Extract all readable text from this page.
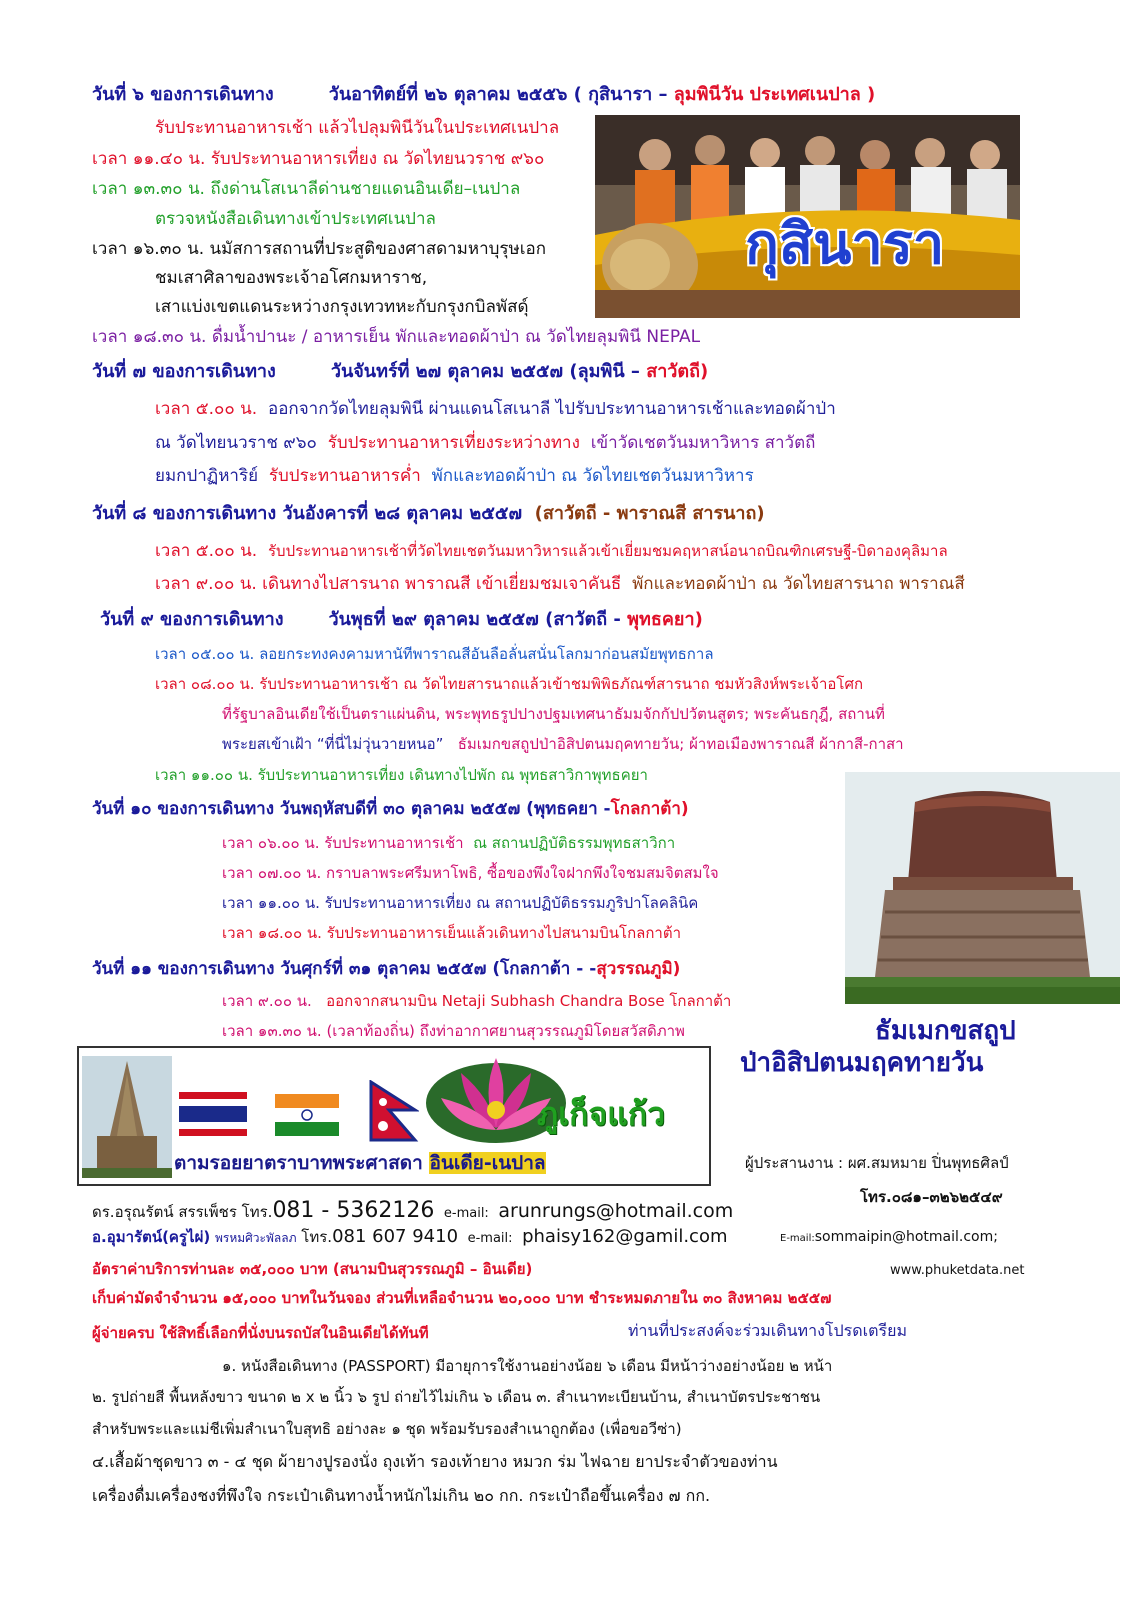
วันที่ ๖ ของการเดินทาง	วันอาทิตย์ที่ ๒๖ ตุลาคม ๒๕๕๖ ( กุสินารา – ลุมพินีวัน ประเทศเนปาล )
รับประทานอาหารเช้า แล้วไปลุมพินีวันในประเทศเนปาล
เวลา ๑๑.๔๐ น. รับประทานอาหารเที่ยง ณ วัดไทยนวราช ๙๖๐
เวลา ๑๓.๓๐ น. ถึงด่านโสเนาลีด่านชายแดนอินเดีย–เนปาล
ตรวจหนังสือเดินทางเข้าประเทศเนปาล
เวลา ๑๖.๓๐ น. นมัสการสถานที่ประสูติของศาสดามหาบุรุษเอก
ชมเสาศิลาของพระเจ้าอโศกมหาราช,
เสาแบ่งเขตแดนระหว่างกรุงเทวทหะกับกรุงกบิลพัสดุ์
เวลา ๑๘.๓๐ น. ดื่มน้ำปานะ / อาหารเย็น พักและทอดผ้าป่า ณ วัดไทยลุมพินี NEPAL
กุสินารา
วันที่ ๗ ของการเดินทาง	วันจันทร์ที่ ๒๗ ตุลาคม ๒๕๕๗ (ลุมพินี – สาวัตถี)
เวลา ๕.๐๐ น. ออกจากวัดไทยลุมพินี ผ่านแดนโสเนาลี ไปรับประทานอาหารเช้าและทอดผ้าป่า
ณ วัดไทยนวราช ๙๖๐ รับประทานอาหารเที่ยงระหว่างทาง เข้าวัดเชตวันมหาวิหาร สาวัตถี
ยมกปาฏิหาริย์ รับประทานอาหารค่ำ พักและทอดผ้าป่า ณ วัดไทยเชตวันมหาวิหาร
วันที่ ๘ ของการเดินทาง วันอังคารที่ ๒๘ ตุลาคม ๒๕๕๗ (สาวัตถี - พาราณสี สารนาถ)
เวลา ๕.๐๐ น. รับประทานอาหารเช้าที่วัดไทยเชตวันมหาวิหารแล้วเข้าเยี่ยมชมคฤหาสน์อนาถบิณฑิกเศรษฐี-บิดาองคุลิมาล
เวลา ๙.๐๐ น. เดินทางไปสารนาถ พาราณสี เข้าเยี่ยมชมเจาคันธี พักและทอดผ้าป่า ณ วัดไทยสารนาถ พาราณสี
วันที่ ๙ ของการเดินทาง	วันพุธที่ ๒๙ ตุลาคม ๒๕๕๗ (สาวัตถี - พุทธคยา)
เวลา ๐๕.๐๐ น. ลอยกระทงคงคามหานัทีพาราณสีอันลือลั่นสนั่นโลกมาก่อนสมัยพุทธกาล
เวลา ๐๘.๐๐ น. รับประทานอาหารเช้า ณ วัดไทยสารนาถแล้วเข้าชมพิพิธภัณฑ์สารนาถ ชมหัวสิงห์พระเจ้าอโศก
ที่รัฐบาลอินเดียใช้เป็นตราแผ่นดิน, พระพุทธรูปปางปฐมเทศนาธัมมจักกัปปวัตนสูตร; พระคันธกุฎี, สถานที่
พระยสเข้าเฝ้า “ที่นี่ไม่วุ่นวายหนอ” ธัมเมกขสถูปป่าอิสิปตนมฤคทายวัน; ผ้าทอเมืองพาราณสี ผ้ากาสี-กาสา
เวลา ๑๑.๐๐ น. รับประทานอาหารเที่ยง เดินทางไปพัก ณ พุทธสาวิกาพุทธคยา
วันที่ ๑๐ ของการเดินทาง วันพฤหัสบดีที่ ๓๐ ตุลาคม ๒๕๕๗ (พุทธคยา -โกลกาต้า)
เวลา ๐๖.๐๐ น. รับประทานอาหารเช้า ณ สถานปฏิบัติธรรมพุทธสาวิกา
เวลา ๐๗.๐๐ น. กราบลาพระศรีมหาโพธิ, ซื้อของพึงใจฝากพึงใจชมสมจิตสมใจ
เวลา ๑๑.๐๐ น. รับประทานอาหารเที่ยง ณ สถานปฏิบัติธรรมภูริปาโลคลินิค
เวลา ๑๘.๐๐ น. รับประทานอาหารเย็นแล้วเดินทางไปสนามบินโกลกาต้า
วันที่ ๑๑ ของการเดินทาง วันศุกร์ที่ ๓๑ ตุลาคม ๒๕๕๗ (โกลกาต้า - -สุวรรณภูมิ)
เวลา ๙.๐๐ น. ออกจากสนามบิน Netaji Subhash Chandra Bose โกลกาต้า
เวลา ๑๓.๓๐ น. (เวลาท้องถิ่น) ถึงท่าอากาศยานสุวรรณภูมิโดยสวัสดิภาพ	ธัมเมกขสถูป
ป่าอิสิปตนมฤคทายวัน
ภูเก็จแก้ว
ตามรอยยาตราบาทพระศาสดา อินเดีย-เนปาล	ผู้ประสานงาน : ผศ.สมหมาย ปิ่นพุทธศิลป์
โทร.๐๘๑–๓๒๖๒๕๔๙
ดร.อรุณรัตน์ สรรเพ็ชร โทร.081 - 5362126 e-mail: arunrungs@hotmail.com
อ.อุมารัตน์(ครูไผ่) พรหมศิวะพัลลภ โทร.081 607 9410 e-mail: phaisy162@gamil.com	E-mail:sommaipin@hotmail.com;
อัตราค่าบริการท่านละ ๓๕,๐๐๐ บาท (สนามบินสุวรรณภูมิ – อินเดีย)	www.phuketdata.net
เก็บค่ามัดจำจำนวน ๑๕,๐๐๐ บาทในวันจอง ส่วนที่เหลือจำนวน ๒๐,๐๐๐ บาท ชำระหมดภายใน ๓๐ สิงหาคม ๒๕๕๗
ผู้จ่ายครบ ใช้สิทธิ์เลือกที่นั่งบนรถบัสในอินเดียได้ทันที	ท่านที่ประสงค์จะร่วมเดินทางโปรดเตรียม
๑. หนังสือเดินทาง (PASSPORT) มีอายุการใช้งานอย่างน้อย ๖ เดือน มีหน้าว่างอย่างน้อย ๒ หน้า
๒. รูปถ่ายสี พื้นหลังขาว ขนาด ๒ x ๒ นิ้ว ๖ รูป ถ่ายไว้ไม่เกิน ๖ เดือน ๓. สำเนาทะเบียนบ้าน, สำเนาบัตรประชาชน
สำหรับพระและแม่ชีเพิ่มสำเนาใบสุทธิ อย่างละ ๑ ชุด พร้อมรับรองสำเนาถูกต้อง (เพื่อขอวีซ่า)
๔.เสื้อผ้าชุดขาว ๓ - ๔ ชุด ผ้ายางปูรองนั่ง ถุงเท้า รองเท้ายาง หมวก ร่ม ไฟฉาย ยาประจำตัวของท่าน
เครื่องดื่มเครื่องชงที่พึงใจ กระเป๋าเดินทางน้ำหนักไม่เกิน ๒๐ กก. กระเป๋าถือขึ้นเครื่อง ๗ กก.
